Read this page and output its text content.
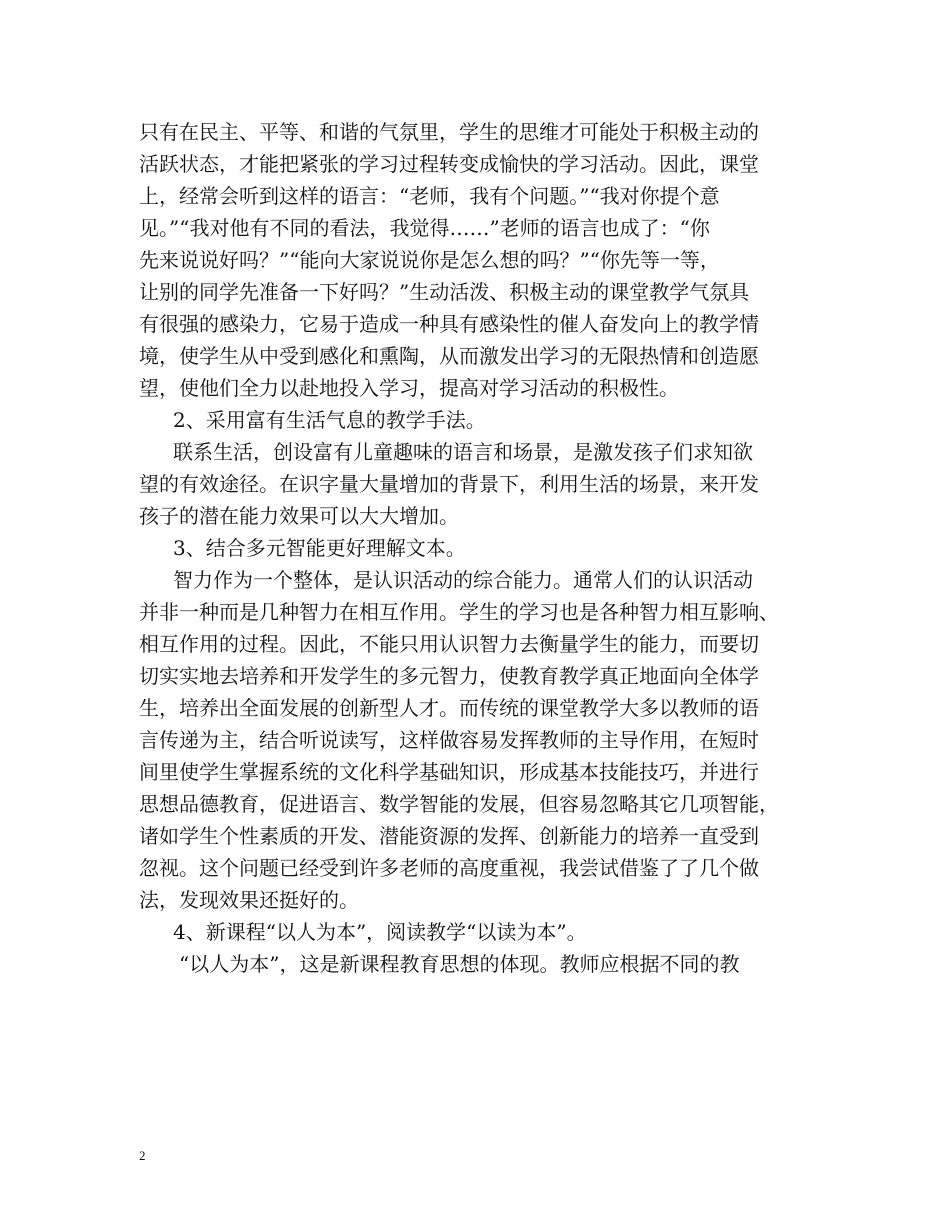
只有在民主、平等、和谐的气氛里，学生的思维才可能处于积极主动的
活跃状态，才能把紧张的学习过程转变成愉快的学习活动。因此，课堂
上，经常会听到这样的语言：“老师，我有个问题。”“我对你提个意
见。”“我对他有不同的看法，我觉得……”老师的语言也成了：“你
先来说说好吗？”“能向大家说说你是怎么想的吗？”“你先等一等，
让别的同学先准备一下好吗？”生动活泼、积极主动的课堂教学气氛具
有很强的感染力，它易于造成一种具有感染性的催人奋发向上的教学情
境，使学生从中受到感化和熏陶，从而激发出学习的无限热情和创造愿
望，使他们全力以赴地投入学习，提高对学习活动的积极性。
2、采用富有生活气息的教学手法。
联系生活，创设富有儿童趣味的语言和场景，是激发孩子们求知欲
望的有效途径。在识字量大量增加的背景下，利用生活的场景，来开发
孩子的潜在能力效果可以大大增加。
3、结合多元智能更好理解文本。
智力作为一个整体，是认识活动的综合能力。通常人们的认识活动
并非一种而是几种智力在相互作用。学生的学习也是各种智力相互影响、
相互作用的过程。因此，不能只用认识智力去衡量学生的能力，而要切
切实实地去培养和开发学生的多元智力，使教育教学真正地面向全体学
生，培养出全面发展的创新型人才。而传统的课堂教学大多以教师的语
言传递为主，结合听说读写，这样做容易发挥教师的主导作用，在短时
间里使学生掌握系统的文化科学基础知识，形成基本技能技巧，并进行
思想品德教育，促进语言、数学智能的发展，但容易忽略其它几项智能，
诸如学生个性素质的开发、潜能资源的发挥、创新能力的培养一直受到
忽视。这个问题已经受到许多老师的高度重视，我尝试借鉴了了几个做
法，发现效果还挺好的。
4、新课程“以人为本”，阅读教学“以读为本”。
“以人为本”，这是新课程教育思想的体现。教师应根据不同的教
2
